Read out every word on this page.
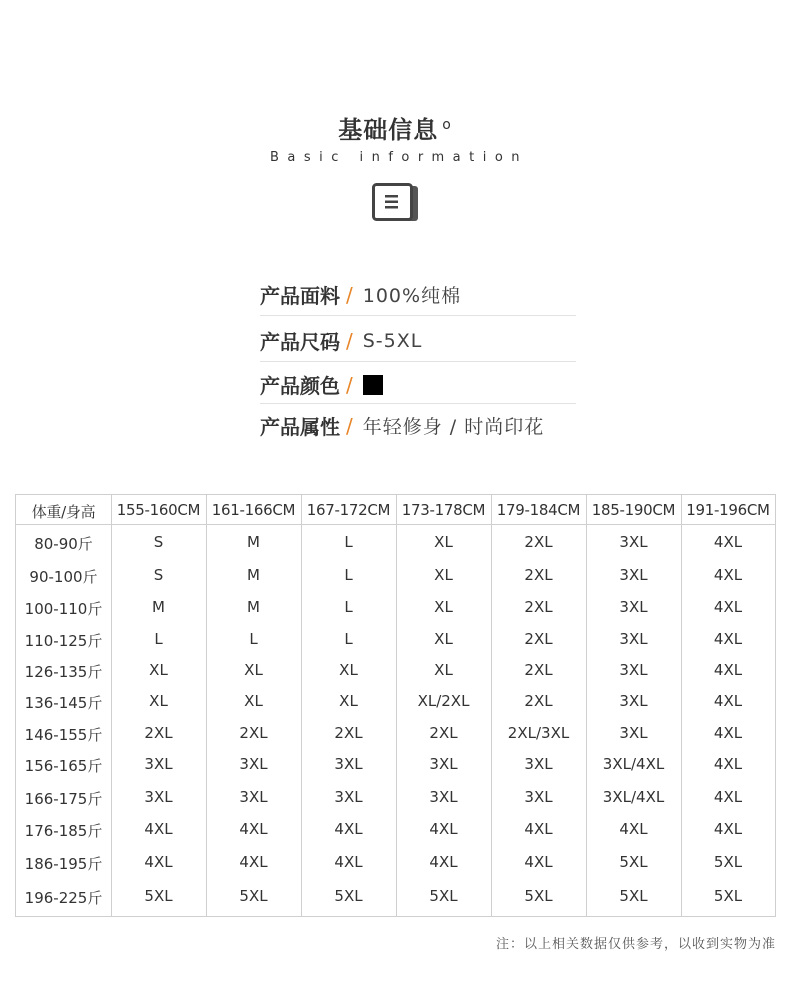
基础信息 $^o$
Basic information
产品面料 / 100%纯棉
产品尺码 / S-5XL
产品颜色 /
产品属性 / 年轻修身 / 时尚印花
体重/身高	155-160CM 161-166CM 167-172CM 173-178CM 179-184CM 185-190CM 191-196CM
80-90斤	S	M	L	XL	2XL	3XL	4XL
90-100斤	S	M	L	XL	2XL	3XL	4XL
100-110斤	M	M	L	XL	2XL	3XL	4XL
110-125斤	L	L	L	XL	2XL	3XL	4XL
126-135斤	XL	XL	XL	XL	2XL	3XL	4XL
136-145斤	XL	XL	XL	XL/2XL	2XL	3XL	4XL
146-155斤	2XL	2XL	2XL	2XL	2XL/3XL	3XL	4XL
156-165斤	3XL	3XL	3XL	3XL	3XL	3XL/4XL	4XL
166-175斤	3XL	3XL	3XL	3XL	3XL	3XL/4XL	4XL
176-185斤	4XL	4XL	4XL	4XL	4XL	4XL	4XL
186-195斤	4XL	4XL	4XL	4XL	4XL	5XL	5XL
196-225斤	5XL	5XL	5XL	5XL	5XL	5XL	5XL
注：以上相关数据仅供参考，以收到实物为准
